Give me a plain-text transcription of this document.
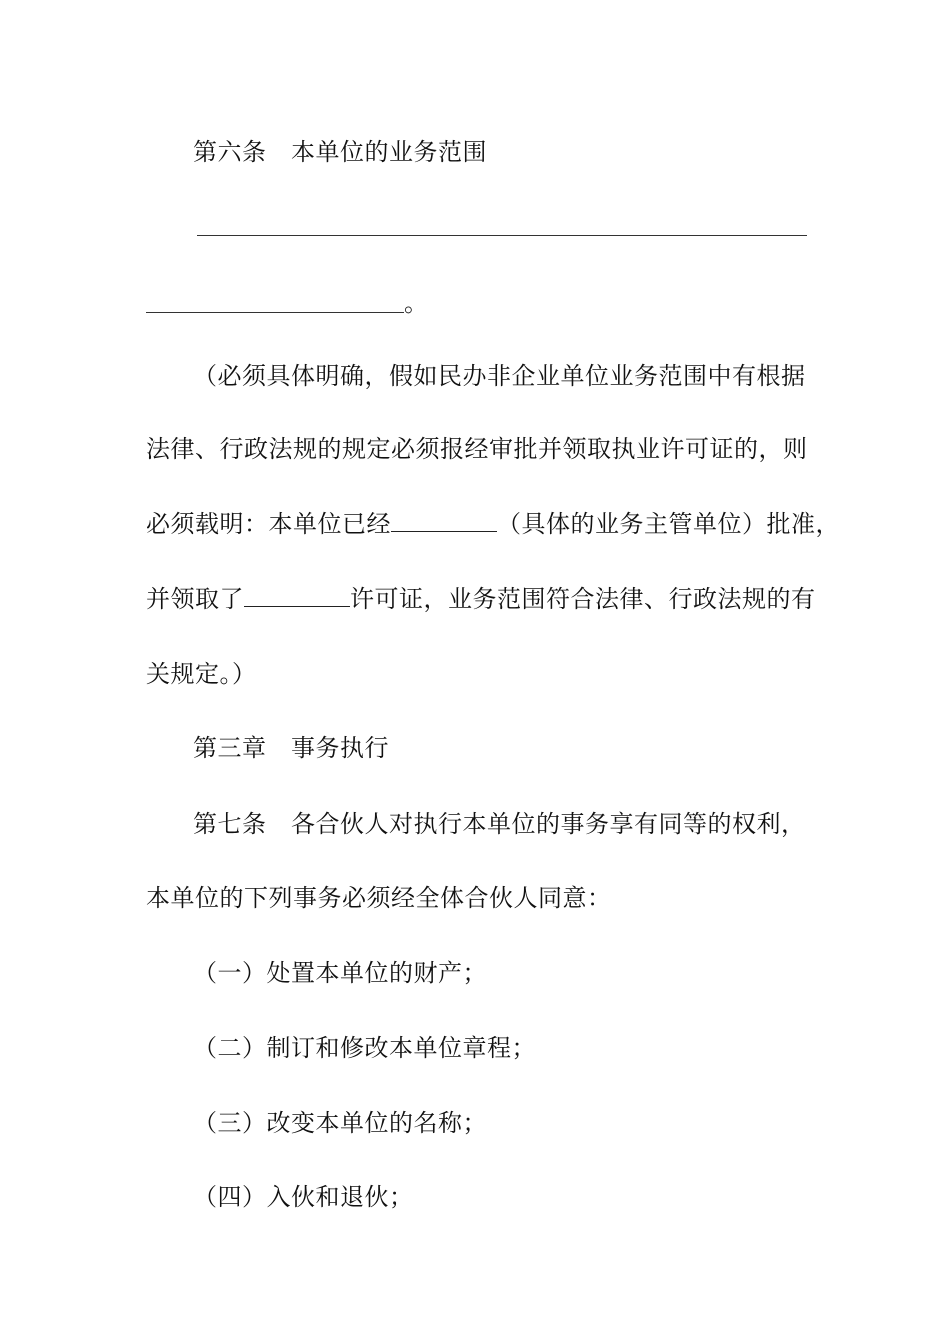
第六条　本单位的业务范围
。
（必须具体明确，假如民办非企业单位业务范围中有根据
法律、行政法规的规定必须报经审批并领取执业许可证的，则
必须载明：本单位已经	（具体的业务主管单位）批准，
并领取了	许可证，业务范围符合法律、行政法规的有
关规定。）
第三章　事务执行
第七条　各合伙人对执行本单位的事务享有同等的权利，
本单位的下列事务必须经全体合伙人同意：
（一）处置本单位的财产；
（二）制订和修改本单位章程；
（三）改变本单位的名称；
（四）入伙和退伙；
